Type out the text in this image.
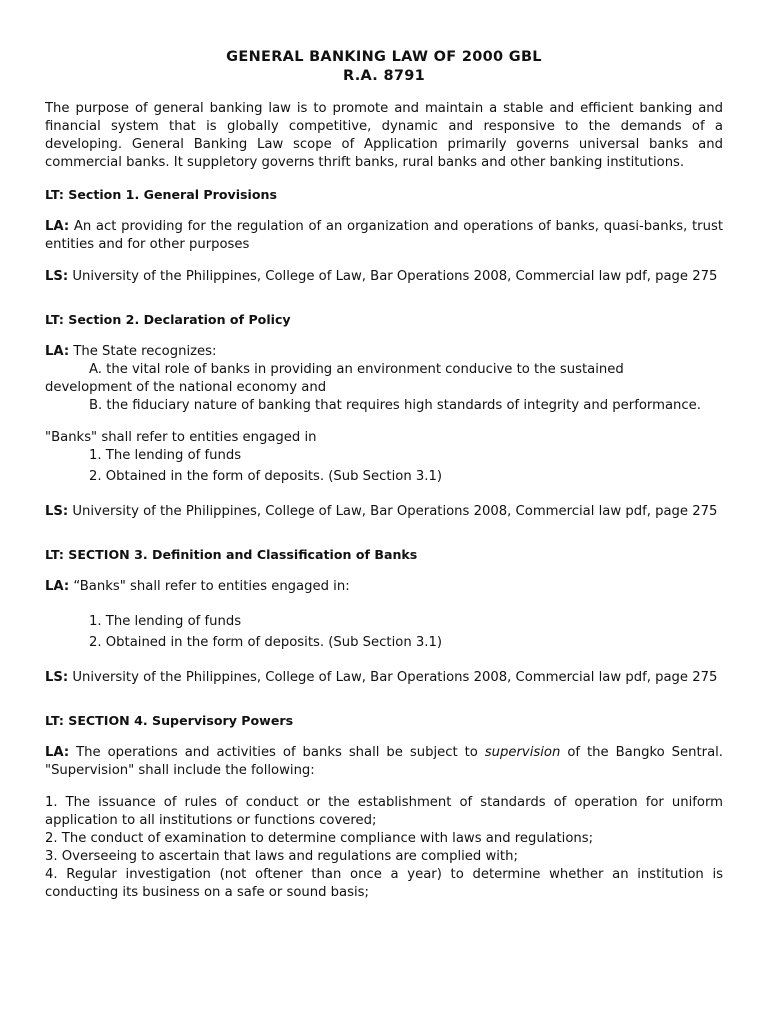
GENERAL BANKING LAW OF 2000 GBL
R.A. 8791

The purpose of general banking law is to promote and maintain a stable and efficient banking and financial system that is globally competitive, dynamic and responsive to the demands of a developing. General Banking Law scope of Application primarily governs universal banks and commercial banks. It suppletory governs thrift banks, rural banks and other banking institutions.

LT: Section 1. General Provisions

LA: An act providing for the regulation of an organization and operations of banks, quasi-banks, trust entities and for other purposes

LS: University of the Philippines, College of Law, Bar Operations 2008, Commercial law pdf, page 275

LT: Section 2. Declaration of Policy

LA: The State recognizes:

A. the vital role of banks in providing an environment conducive to the sustained
development of the national economy and
B. the fiduciary nature of banking that requires high standards of integrity and performance.

"Banks" shall refer to entities engaged in

1. The lending of funds
2. Obtained in the form of deposits. (Sub Section 3.1)

LS: University of the Philippines, College of Law, Bar Operations 2008, Commercial law pdf, page 275

LT: SECTION 3. Definition and Classification of Banks

LA: “Banks" shall refer to entities engaged in:

1. The lending of funds
2. Obtained in the form of deposits. (Sub Section 3.1)

LS: University of the Philippines, College of Law, Bar Operations 2008, Commercial law pdf, page 275

LT: SECTION 4. Supervisory Powers

LA: The operations and activities of banks shall be subject to supervision of the Bangko Sentral. "Supervision" shall include the following:

1. The issuance of rules of conduct or the establishment of standards of operation for uniform application to all institutions or functions covered;

2. The conduct of examination to determine compliance with laws and regulations;

3. Overseeing to ascertain that laws and regulations are complied with;

4. Regular investigation (not oftener than once a year) to determine whether an institution is conducting its business on a safe or sound basis;
